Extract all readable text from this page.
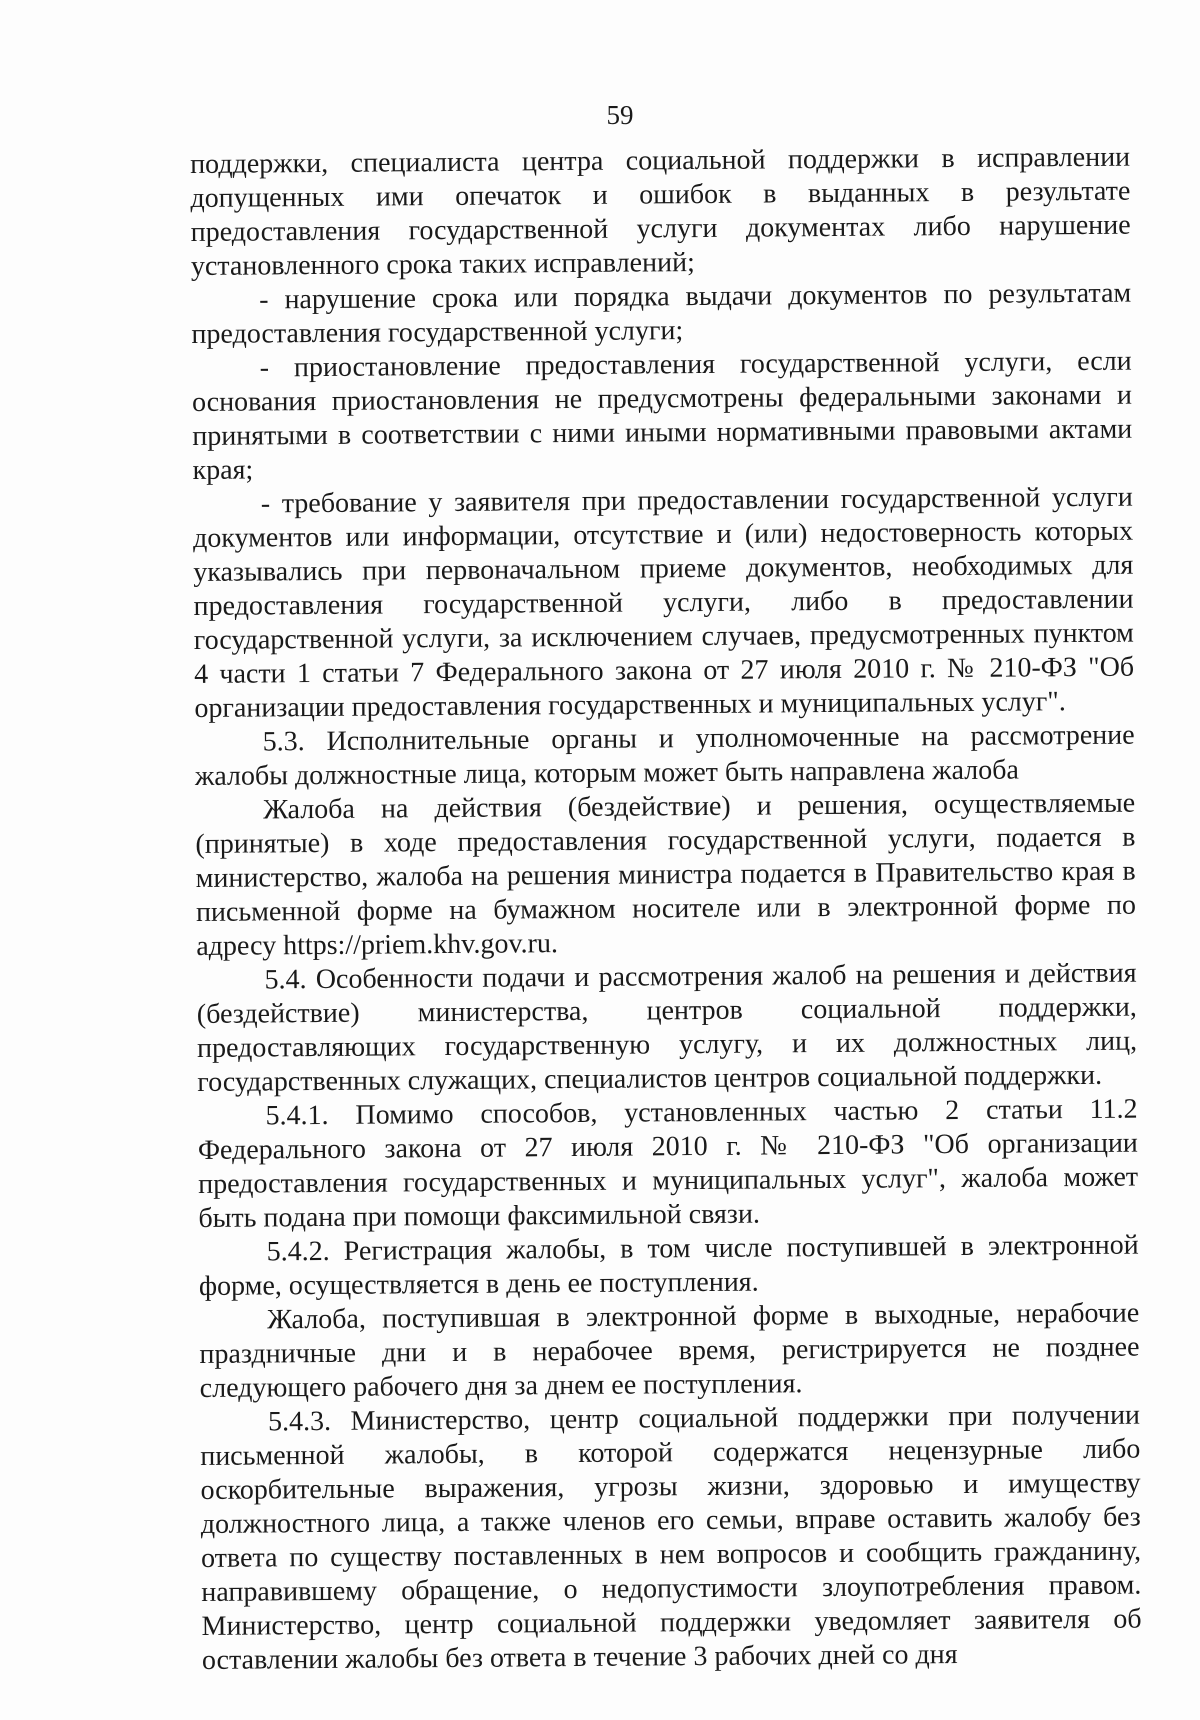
59

поддержки, специалиста центра социальной поддержки в исправлении допущенных ими опечаток и ошибок в выданных в результате предоставления государственной услуги документах либо нарушение установленного срока таких исправлений;

- нарушение срока или порядка выдачи документов по результатам предоставления государственной услуги;

- приостановление предоставления государственной услуги, если основания приостановления не предусмотрены федеральными законами и принятыми в соответствии с ними иными нормативными правовыми актами края;

- требование у заявителя при предоставлении государственной услуги документов или информации, отсутствие и (или) недостоверность которых указывались при первоначальном приеме документов, необходимых для предоставления государственной услуги, либо в предоставлении государственной услуги, за исключением случаев, предусмотренных пунктом 4 части 1 статьи 7 Федерального закона от 27 июля 2010 г. № 210-ФЗ "Об организации предоставления государственных и муниципальных услуг".

5.3. Исполнительные органы и уполномоченные на рассмотрение жалобы должностные лица, которым может быть направлена жалоба

Жалоба на действия (бездействие) и решения, осуществляемые (принятые) в ходе предоставления государственной услуги, подается в министерство, жалоба на решения министра подается в Правительство края в письменной форме на бумажном носителе или в электронной форме по адресу https://priem.khv.gov.ru.

5.4. Особенности подачи и рассмотрения жалоб на решения и действия (бездействие) министерства, центров социальной поддержки, предоставляющих государственную услугу, и их должностных лиц, государственных служащих, специалистов центров социальной поддержки.

5.4.1. Помимо способов, установленных частью 2 статьи 11.2 Федерального закона от 27 июля 2010 г. № 210-ФЗ "Об организации предоставления государственных и муниципальных услуг", жалоба может быть подана при помощи факсимильной связи.

5.4.2. Регистрация жалобы, в том числе поступившей в электронной форме, осуществляется в день ее поступления.

Жалоба, поступившая в электронной форме в выходные, нерабочие праздничные дни и в нерабочее время, регистрируется не позднее следующего рабочего дня за днем ее поступления.

5.4.3. Министерство, центр социальной поддержки при получении письменной жалобы, в которой содержатся нецензурные либо оскорбительные выражения, угрозы жизни, здоровью и имуществу должностного лица, а также членов его семьи, вправе оставить жалобу без ответа по существу поставленных в нем вопросов и сообщить гражданину, направившему обращение, о недопустимости злоупотребления правом. Министерство, центр социальной поддержки уведомляет заявителя об оставлении жалобы без ответа в течение 3 рабочих дней со дня
